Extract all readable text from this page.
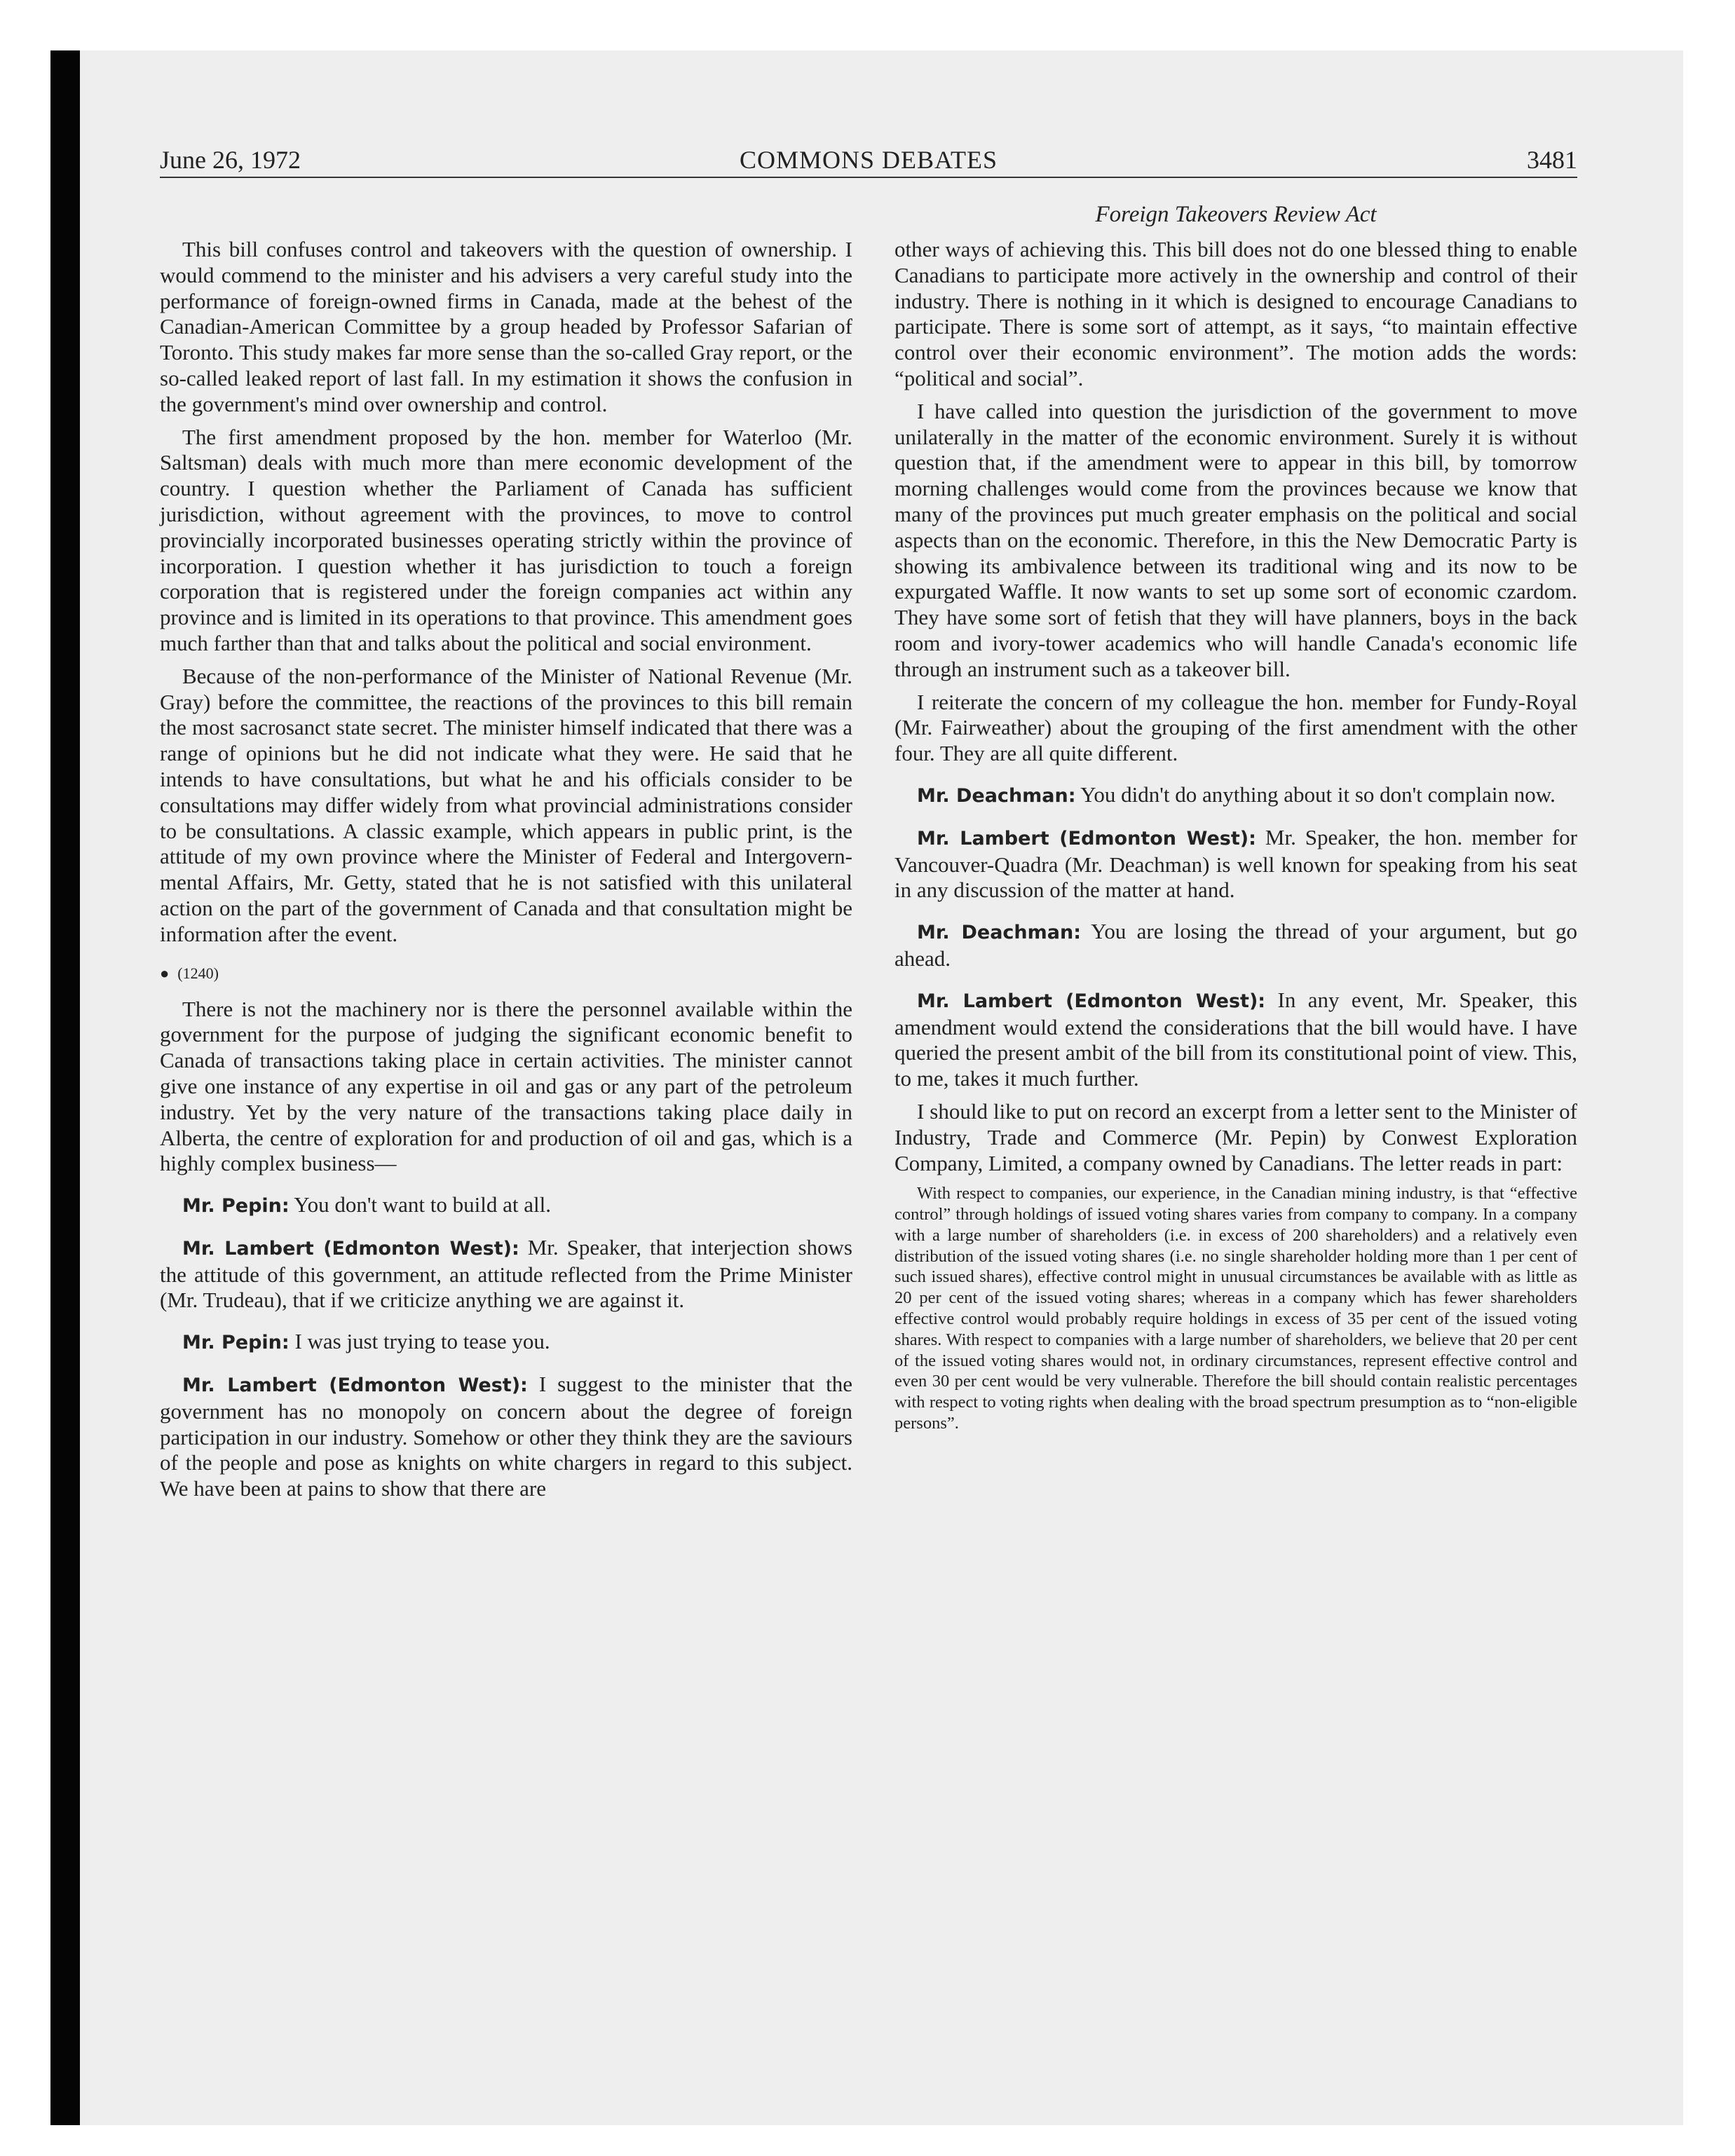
June 26, 1972	COMMONS DEBATES	3481
Foreign Takeovers Review Act

This bill confuses control and takeovers with the question of ownership. I would commend to the minister and his advisers a very careful study into the performance of foreign-owned firms in Canada, made at the behest of the Canadian-American Committee by a group headed by Professor Safarian of Toronto. This study makes far more sense than the so-called Gray report, or the so-called leaked report of last fall. In my estimation it shows the confusion in the government's mind over ownership and control.

The first amendment proposed by the hon. member for Waterloo (Mr. Saltsman) deals with much more than mere economic development of the country. I question whether the Parliament of Canada has sufficient jurisdiction, without agreement with the provinces, to move to control provincially incorporated businesses operating strictly within the province of incorporation. I question whether it has jurisdiction to touch a foreign corporation that is registered under the foreign companies act within any province and is limited in its operations to that province. This amendment goes much farther than that and talks about the political and social environment.

Because of the non-performance of the Minister of National Revenue (Mr. Gray) before the committee, the reactions of the provinces to this bill remain the most sacrosanct state secret. The minister himself indicated that there was a range of opinions but he did not indicate what they were. He said that he intends to have consultations, but what he and his officials consider to be consultations may differ widely from what provincial administrations consider to be consultations. A classic example, which appears in public print, is the attitude of my own province where the Minister of Federal and Intergovernmental Affairs, Mr. Getty, stated that he is not satisfied with this unilateral action on the part of the government of Canada and that consultation might be information after the event.

● (1240)

There is not the machinery nor is there the personnel available within the government for the purpose of judging the significant economic benefit to Canada of transactions taking place in certain activities. The minister cannot give one instance of any expertise in oil and gas or any part of the petroleum industry. Yet by the very nature of the transactions taking place daily in Alberta, the centre of exploration for and production of oil and gas, which is a highly complex business—

Mr. Pepin: You don't want to build at all.

Mr. Lambert (Edmonton West): Mr. Speaker, that interjection shows the attitude of this government, an attitude reflected from the Prime Minister (Mr. Trudeau), that if we criticize anything we are against it.

Mr. Pepin: I was just trying to tease you.

Mr. Lambert (Edmonton West): I suggest to the minister that the government has no monopoly on concern about the degree of foreign participation in our industry. Somehow or other they think they are the saviours of the people and pose as knights on white chargers in regard to this subject. We have been at pains to show that there are

other ways of achieving this. This bill does not do one blessed thing to enable Canadians to participate more actively in the ownership and control of their industry. There is nothing in it which is designed to encourage Canadians to participate. There is some sort of attempt, as it says, “to maintain effective control over their economic environment”. The motion adds the words: “political and social”.

I have called into question the jurisdiction of the government to move unilaterally in the matter of the economic environment. Surely it is without question that, if the amendment were to appear in this bill, by tomorrow morning challenges would come from the provinces because we know that many of the provinces put much greater emphasis on the political and social aspects than on the economic. Therefore, in this the New Democratic Party is showing its ambivalence between its traditional wing and its now to be expurgated Waffle. It now wants to set up some sort of economic czardom. They have some sort of fetish that they will have planners, boys in the back room and ivory-tower academics who will handle Canada's economic life through an instrument such as a takeover bill.

I reiterate the concern of my colleague the hon. member for Fundy-Royal (Mr. Fairweather) about the grouping of the first amendment with the other four. They are all quite different.

Mr. Deachman: You didn't do anything about it so don't complain now.

Mr. Lambert (Edmonton West): Mr. Speaker, the hon. member for Vancouver-Quadra (Mr. Deachman) is well known for speaking from his seat in any discussion of the matter at hand.

Mr. Deachman: You are losing the thread of your argument, but go ahead.

Mr. Lambert (Edmonton West): In any event, Mr. Speaker, this amendment would extend the considerations that the bill would have. I have queried the present ambit of the bill from its constitutional point of view. This, to me, takes it much further.

I should like to put on record an excerpt from a letter sent to the Minister of Industry, Trade and Commerce (Mr. Pepin) by Conwest Exploration Company, Limited, a company owned by Canadians. The letter reads in part:

With respect to companies, our experience, in the Canadian mining industry, is that “effective control” through holdings of issued voting shares varies from company to company. In a company with a large number of shareholders (i.e. in excess of 200 shareholders) and a relatively even distribution of the issued voting shares (i.e. no single shareholder holding more than 1 per cent of such issued shares), effective control might in unusual circumstances be available with as little as 20 per cent of the issued voting shares; whereas in a company which has fewer shareholders effective control would probably require holdings in excess of 35 per cent of the issued voting shares. With respect to companies with a large number of shareholders, we believe that 20 per cent of the issued voting shares would not, in ordinary circumstances, represent effective control and even 30 per cent would be very vulnerable. Therefore the bill should contain realistic percentages with respect to voting rights when dealing with the broad spectrum presumption as to “non-eligible persons”.
